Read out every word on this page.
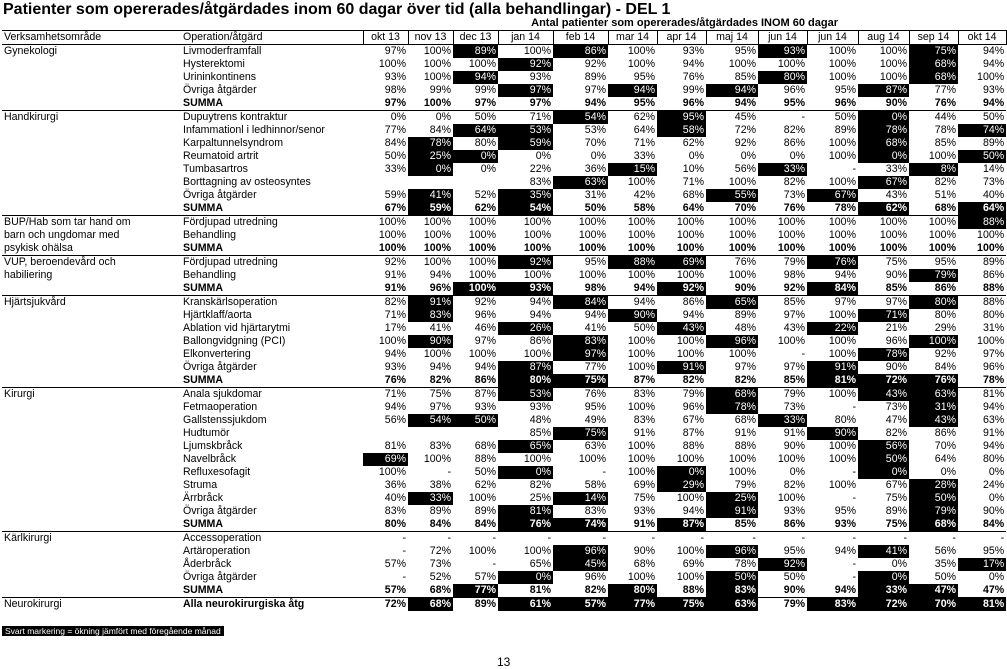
Patienter som opererades/åtgärdades inom 60 dagar över tid (alla behandlingar) - DEL 1
		Antal patienter som opererades/åtgärdades INOM 60 dagar												
Verksamhetsområde	Operation/åtgärd	okt 13	nov 13	dec 13	jan 14	feb 14	mar 14	apr 14	maj 14	jun 14	jun 14	aug 14	sep 14	okt 14
Gynekologi	Livmoderframfall	97%	100%	89%	100%	86%	100%	93%	95%	93%	100%	100%	75%	94%
	Hysterektomi	100%	100%	100%	92%	92%	100%	94%	100%	100%	100%	100%	68%	94%
	Urininkontinens	93%	100%	94%	93%	89%	95%	76%	85%	80%	100%	100%	68%	100%
	Övriga åtgärder	98%	99%	99%	97%	97%	94%	99%	94%	96%	95%	87%	77%	93%
	SUMMA	97%	100%	97%	97%	94%	95%	96%	94%	95%	96%	90%	76%	94%
Handkirurgi	Dupuytrens kontraktur	0%	0%	50%	71%	54%	62%	95%	45%	-	50%	0%	44%	50%
	Infammationl i ledhinnor/senor	77%	84%	64%	53%	53%	64%	58%	72%	82%	89%	78%	78%	74%
	Karpaltunnelsyndrom	84%	78%	80%	59%	70%	71%	62%	92%	86%	100%	68%	85%	89%
	Reumatoid artrit	50%	25%	0%	0%	0%	33%	0%	0%	0%	100%	0%	100%	50%
	Tumbasartros	33%	0%	0%	22%	36%	15%	10%	56%	33%	-	33%	8%	14%
	Borttagning av osteosyntes				83%	63%	100%	71%	100%	82%	100%	67%	82%	73%
	Övriga åtgärder	59%	41%	52%	35%	31%	42%	68%	55%	73%	67%	43%	51%	40%
	SUMMA	67%	59%	62%	54%	50%	58%	64%	70%	76%	78%	62%	68%	64%
BUP/Hab som tar hand om	Fördjupad utredning	100%	100%	100%	100%	100%	100%	100%	100%	100%	100%	100%	100%	88%
barn och ungdomar med	Behandling	100%	100%	100%	100%	100%	100%	100%	100%	100%	100%	100%	100%	100%
psykisk ohälsa	SUMMA	100%	100%	100%	100%	100%	100%	100%	100%	100%	100%	100%	100%	100%
VUP, beroendevård och	Fördjupad utredning	92%	100%	100%	92%	95%	88%	69%	76%	79%	76%	75%	95%	89%
habiliering	Behandling	91%	94%	100%	100%	100%	100%	100%	100%	98%	94%	90%	79%	86%
	SUMMA	91%	96%	100%	93%	98%	94%	92%	90%	92%	84%	85%	86%	88%
Hjärtsjukvård	Kranskärlsoperation	82%	91%	92%	94%	84%	94%	86%	65%	85%	97%	97%	80%	88%
	Hjärtklaff/aorta	71%	83%	96%	94%	94%	90%	94%	89%	97%	100%	71%	80%	80%
	Ablation vid hjärtarytmi	17%	41%	46%	26%	41%	50%	43%	48%	43%	22%	21%	29%	31%
	Ballongvidgning (PCI)	100%	90%	97%	86%	83%	100%	100%	96%	100%	100%	96%	100%	100%
	Elkonvertering	94%	100%	100%	100%	97%	100%	100%	100%	-	100%	78%	92%	97%
	Övriga åtgärder	93%	94%	94%	87%	77%	100%	91%	97%	97%	91%	90%	84%	96%
	SUMMA	76%	82%	86%	80%	75%	87%	82%	82%	85%	81%	72%	76%	78%
Kirurgi	Anala sjukdomar	71%	75%	87%	53%	76%	83%	79%	68%	79%	100%	43%	63%	81%
	Fetmaoperation	94%	97%	93%	93%	95%	100%	96%	78%	73%	-	73%	31%	94%
	Gallstenssjukdom	56%	54%	50%	48%	49%	83%	67%	68%	33%	80%	47%	43%	63%
	Hudtumör				85%	75%	91%	87%	91%	91%	90%	82%	86%	91%
	Ljumskbråck	81%	83%	68%	65%	63%	100%	88%	88%	90%	100%	56%	70%	94%
	Navelbråck	69%	100%	88%	100%	100%	100%	100%	100%	100%	100%	50%	64%	80%
	Refluxesofagit	100%	-	50%	0%	-	100%	0%	100%	0%	-	0%	0%	0%
	Struma	36%	38%	62%	82%	58%	69%	29%	79%	82%	100%	67%	28%	24%
	Ärrbråck	40%	33%	100%	25%	14%	75%	100%	25%	100%	-	75%	50%	0%
	Övriga åtgärder	83%	89%	89%	81%	83%	93%	94%	91%	93%	95%	89%	79%	90%
	SUMMA	80%	84%	84%	76%	74%	91%	87%	85%	86%	93%	75%	68%	84%
Kärlkirurgi	Accessoperation	-	-	-	-	-	-	-	-	-	-	-	-	-
	Artäroperation	-	72%	100%	100%	96%	90%	100%	96%	95%	94%	41%	56%	95%
	Åderbråck	57%	73%	-	65%	45%	68%	69%	78%	92%	-	0%	35%	17%
	Övriga åtgärder	-	52%	57%	0%	96%	100%	100%	50%	50%	-	0%	50%	0%
	SUMMA	57%	68%	77%	81%	82%	80%	88%	83%	90%	94%	33%	47%	47%
Neurokirurgi	Alla neurokirurgiska åtg	72%	68%	89%	61%	57%	77%	75%	63%	79%	83%	72%	70%	81%
Svart markering = ökning jämfört med föregående månad
13
